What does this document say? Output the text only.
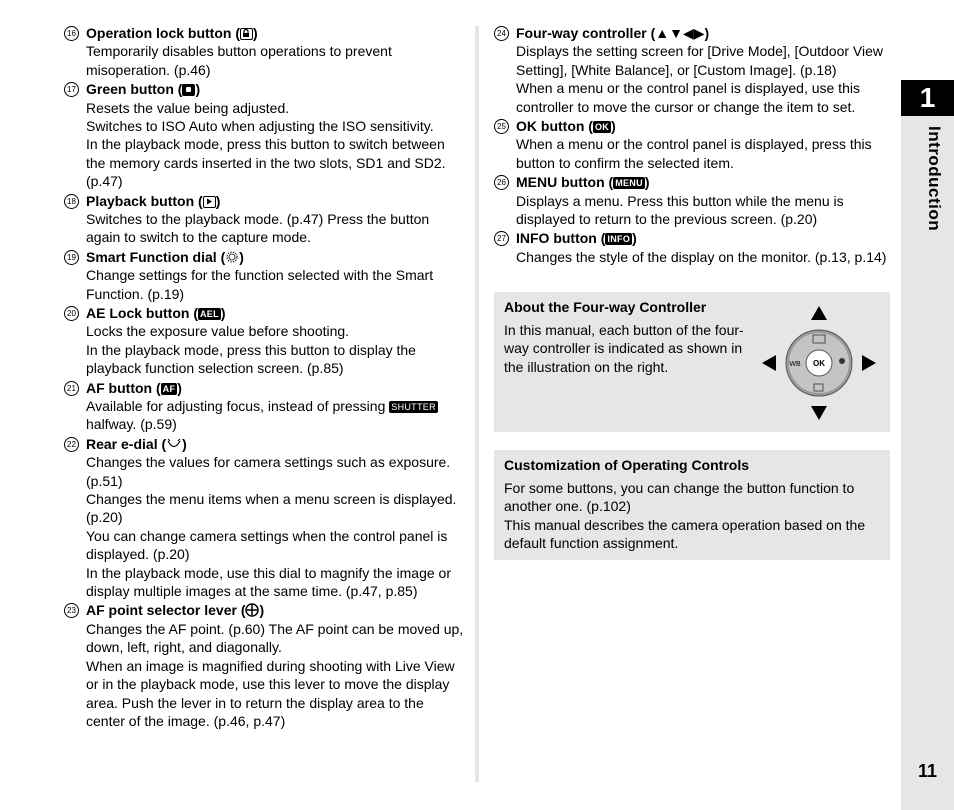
16 Operation lock button ( )

Temporarily disables button operations to prevent misoperation. (p.46)

17 Green button ( )

Resets the value being adjusted.

Switches to ISO Auto when adjusting the ISO sensitivity.

In the playback mode, press this button to switch between the memory cards inserted in the two slots, SD1 and SD2. (p.47)

18 Playback button ( )

Switches to the playback mode. (p.47) Press the button again to switch to the capture mode.

19 Smart Function dial ( )

Change settings for the function selected with the Smart Function. (p.19)

20 AE Lock button ( AEL )

Locks the exposure value before shooting.

In the playback mode, press this button to display the playback function selection screen. (p.85)

21 AF button ( AF )

Available for adjusting focus, instead of pressing SHUTTER halfway. (p.59)

22 Rear e-dial ( )

Changes the values for camera settings such as exposure. (p.51)

Changes the menu items when a menu screen is displayed. (p.20)

You can change camera settings when the control panel is displayed. (p.20)

In the playback mode, use this dial to magnify the image or display multiple images at the same time. (p.47, p.85)

23 AF point selector lever ( )

Changes the AF point. (p.60) The AF point can be moved up, down, left, right, and diagonally.

When an image is magnified during shooting with Live View or in the playback mode, use this lever to move the display area. Push the lever in to return the display area to the center of the image. (p.46, p.47)

24 Four-way controller (▲▼◀▶)

Displays the setting screen for [Drive Mode], [Outdoor View Setting], [White Balance], or [Custom Image]. (p.18)

When a menu or the control panel is displayed, use this controller to move the cursor or change the item to set.

25 OK button ( OK )

When a menu or the control panel is displayed, press this button to confirm the selected item.

26 MENU button ( MENU )

Displays a menu. Press this button while the menu is displayed to return to the previous screen. (p.20)

27 INFO button ( INFO )

Changes the style of the display on the monitor. (p.13, p.14)

About the Four-way Controller

In this manual, each button of the four-way controller is indicated as shown in the illustration on the right.	OK
WB
Customization of Operating Controls

For some buttons, you can change the button function to another one. (p.102)

This manual describes the camera operation based on the default function assignment.

1
Introduction
11
